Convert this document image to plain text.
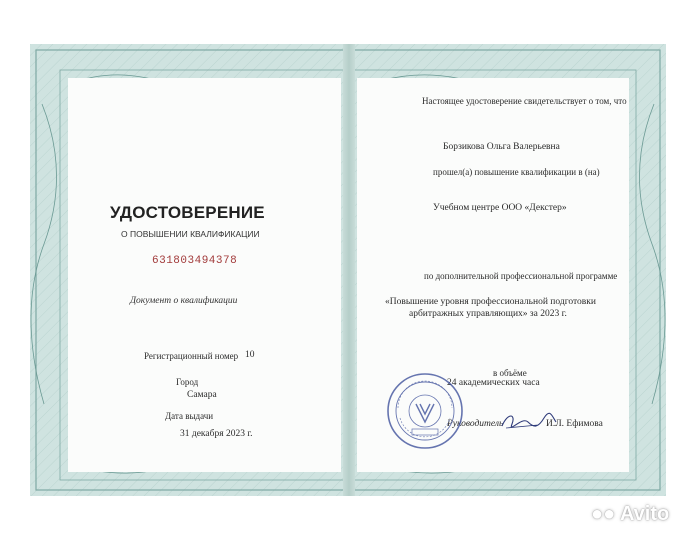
УДОСТОВЕРЕНИЕ
О ПОВЫШЕНИИ КВАЛИФИКАЦИИ
631803494378
Документ о квалификации
Регистрационный номер 10
Город
Самара
Дата выдачи
31 декабря 2023 г.
Настоящее удостоверение свидетельствует о том, что
Борзикова Ольга Валерьевна
прошел(а) повышение квалификации в (на)
Учебном центре ООО «Декстер»
по дополнительной профессиональной программе
«Повышение уровня профессиональной подготовки
арбитражных управляющих» за 2023 г.
в объёме
24 академических часа
Руководитель	И.Л. Ефимова
●● Avito
